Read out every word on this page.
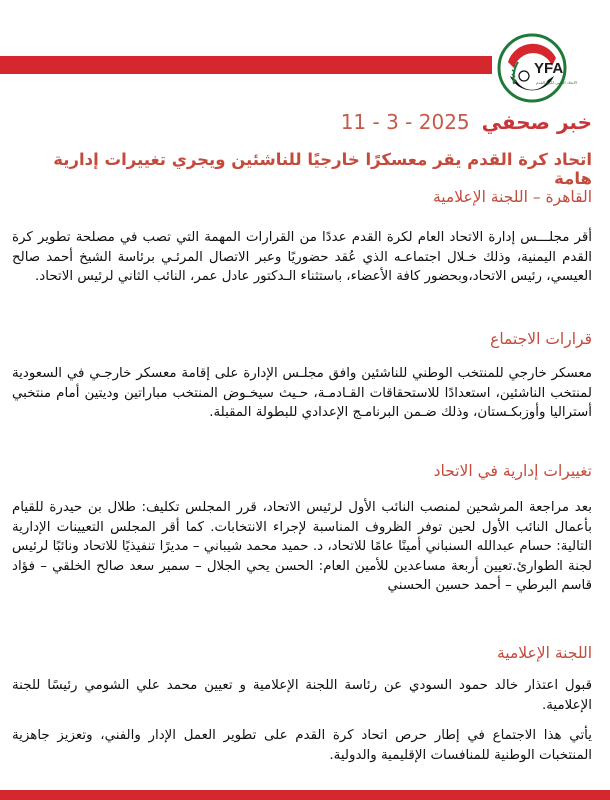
YFA
الاتحاد اليمني لكرة القدم
خبر صحفي11 - 3 - 2025
اتحاد كرة القدم يقر معسكرًا خارجيًا للناشئين ويجري تغييرات إدارية هامة
القاهرة – اللجنة الإعلامية
أقر مجلـــس إدارة الاتحاد العام لكرة القدم عددًا من القرارات المهمة التي تصب في مصلحة تطوير كرة القدم اليمنية، وذلك خـلال اجتماعـه الذي عُقد حضوريًا وعبر الاتصال المرئـي برئاسة الشيخ أحمد صالح العيسي، رئيس الاتحاد،وبحضور كافة الأعضاء، باستثناء الـدكتور عادل عمر، النائب الثاني لرئيس الاتحاد.
قرارات الاجتماع
معسكر خارجي للمنتخب الوطني للناشئين وافق مجلـس الإدارة على إقامة معسكر خارجـي في السعودية لمنتخب الناشئين، استعدادًا للاستحقاقات القـادمـة، حـيث سيخـوض المنتخب مباراتين وديتين أمام منتخبي أستراليا وأوزبكـستان، وذلك ضـمن البرنامـج الإعدادي للبطولة المقبلة.
تغييرات إدارية في الاتحاد
بعد مراجعة المرشحين لمنصب النائب الأول لرئيس الاتحاد، قرر المجلس تكليف: طلال بن حيدرة للقيام بأعمال النائب الأول لحين توفر الظروف المناسبة لإجراء الانتخابات. كما أقر المجلس التعيينات الإدارية التالية: حسام عبدالله السنباني أمينًا عامًا للاتحاد، د. حميد محمد شيباني – مديرًا تنفيذيًا للاتحاد ونائبًا لرئيس لجنة الطوارئ.تعيين أربعة مساعدين للأمين العام: الحسن يحي الجلال – سمير سعد صالح الخلقي – فؤاد قاسم البرطي – أحمد حسين الحسني
اللجنة الإعلامية
قبول اعتذار خالد حمود السودي عن رئاسة اللجنة الإعلامية و تعيين محمد علي الشومي رئيسًا للجنة الإعلامية.
يأتي هذا الاجتماع في إطار حرص اتحاد كرة القدم على تطوير العمل الإدار والفني، وتعزيز جاهزية المنتخبات الوطنية للمنافسات الإقليمية والدولية.
